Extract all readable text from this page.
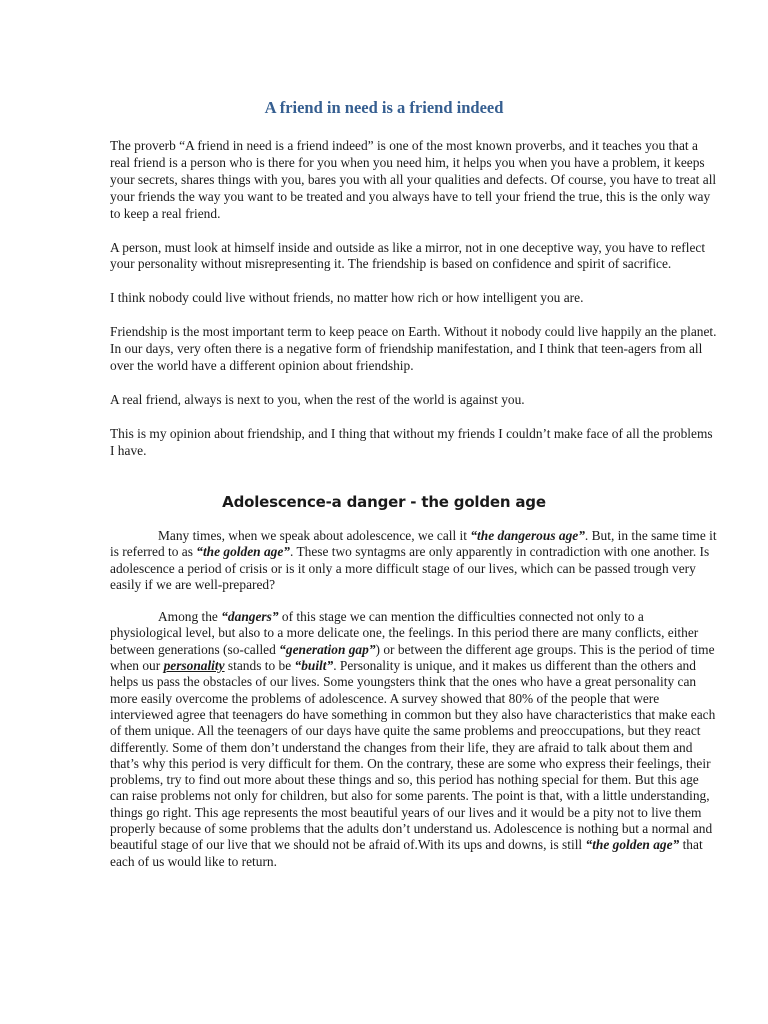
A friend in need is a friend indeed

The proverb “A friend in need is a friend indeed” is one of the most known proverbs, and it teaches you that a real friend is a person who is there for you when you need him, it helps you when you have a problem, it keeps your secrets, shares things with you, bares you with all your qualities and defects. Of course, you have to treat all your friends the way you want to be treated and you always have to tell your friend the true, this is the only way to keep a real friend.

A person, must look at himself inside and outside as like a mirror, not in one deceptive way, you have to reflect your personality without misrepresenting it. The friendship is based on confidence and spirit of sacrifice.

I think nobody could live without friends, no matter how rich or how intelligent you are.

Friendship is the most important term to keep peace on Earth. Without it nobody could live happily an the planet. In our days, very often there is a negative form of friendship manifestation, and I think that teen-agers from all over the world have a different opinion about friendship.

A real friend, always is next to you, when the rest of the world is against you.

This is my opinion about friendship, and I thing that without my friends I couldn’t make face of all the problems I have.

Adolescence-a danger - the golden age

Many times, when we speak about adolescence, we call it “the dangerous age”. But, in the same time it is referred to as “the golden age”. These two syntagms are only apparently in contradiction with one another. Is adolescence a period of crisis or is it only a more difficult stage of our lives, which can be passed trough very easily if we are well-prepared?

Among the “dangers” of this stage we can mention the difficulties connected not only to a physiological level, but also to a more delicate one, the feelings. In this period there are many conflicts, either between generations (so-called “generation gap”) or between the different age groups. This is the period of time when our personality stands to be “built”. Personality is unique, and it makes us different than the others and helps us pass the obstacles of our lives. Some youngsters think that the ones who have a great personality can more easily overcome the problems of adolescence. A survey showed that 80% of the people that were interviewed agree that teenagers do have something in common but they also have characteristics that make each of them unique. All the teenagers of our days have quite the same problems and preoccupations, but they react differently. Some of them don’t understand the changes from their life, they are afraid to talk about them and that’s why this period is very difficult for them. On the contrary, these are some who express their feelings, their problems, try to find out more about these things and so, this period has nothing special for them. But this age can raise problems not only for children, but also for some parents. The point is that, with a little understanding, things go right. This age represents the most beautiful years of our lives and it would be a pity not to live them properly because of some problems that the adults don’t understand us. Adolescence is nothing but a normal and beautiful stage of our live that we should not be afraid of.With its ups and downs, is still “the golden age” that each of us would like to return.
